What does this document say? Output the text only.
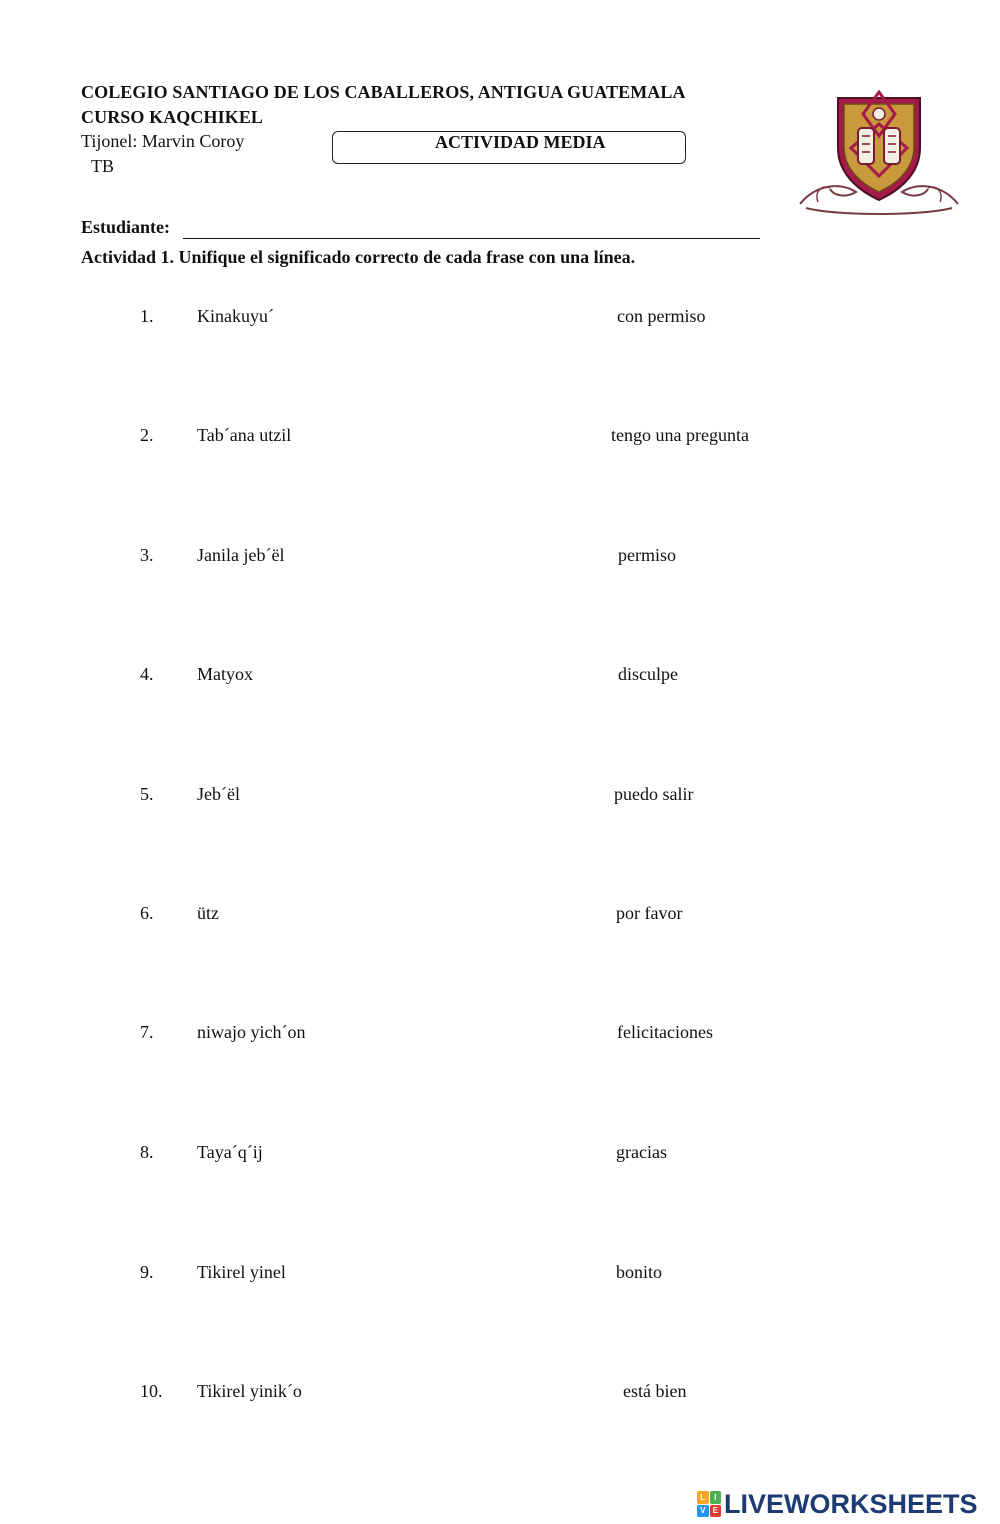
COLEGIO SANTIAGO DE LOS CABALLEROS, ANTIGUA GUATEMALA
CURSO KAQCHIKEL
Tijonel: Marvin Coroy
TB
ACTIVIDAD MEDIA
Estudiante:
Actividad 1. Unifique el significado correcto de cada frase con una línea.
1. Kinakuyu´	con permiso
2. Tab´ana utzil	tengo una pregunta
3. Janila jeb´ël	permiso
4. Matyox	disculpe
5. Jeb´ël	puedo salir
6. ütz	por favor
7. niwajo yich´on	felicitaciones
8. Taya´q´ij	gracias
9. Tikirel yinel	bonito
10. Tikirel yinik´o	está bien
L	I
V E LIVEWORKSHEETS
